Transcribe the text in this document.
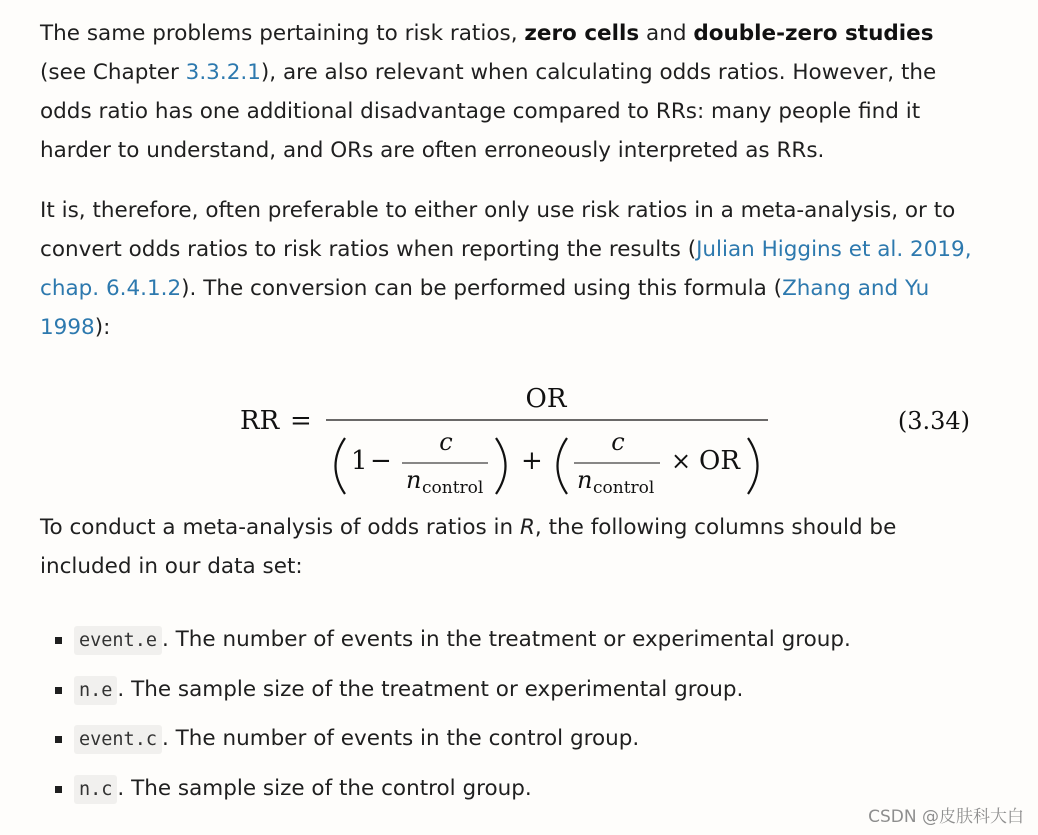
The same problems pertaining to risk ratios, zero cells and double-zero studies (see Chapter 3.3.2.1), are also relevant when calculating odds ratios. However, the odds ratio has one additional disadvantage compared to RRs: many people find it harder to understand, and ORs are often erroneously interpreted as RRs.

It is, therefore, often preferable to either only use risk ratios in a meta-analysis, or to convert odds ratios to risk ratios when reporting the results (Julian Higgins et al. 2019, chap. 6.4.1.2). The conversion can be performed using this formula (Zhang and Yu 1998):

RR =
OR
1 −
c
n control
+
c
n control
× OR
(3.34)

To conduct a meta-analysis of odds ratios in R, the following columns should be included in our data set:

event.e . The number of events in the treatment or experimental group.
n.e . The sample size of the treatment or experimental group.
event.c . The number of events in the control group.
n.c . The sample size of the control group.
CSDN @皮肤科大白
